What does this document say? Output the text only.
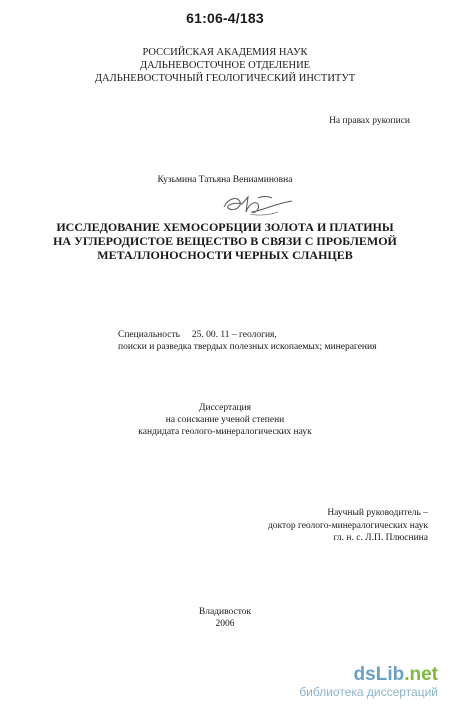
61:06-4/183
РОССИЙСКАЯ АКАДЕМИЯ НАУК
ДАЛЬНЕВОСТОЧНОЕ ОТДЕЛЕНИЕ
ДАЛЬНЕВОСТОЧНЫЙ ГЕОЛОГИЧЕСКИЙ ИНСТИТУТ
На правах рукописи
Кузьмина Татьяна Вениаминовна
ИССЛЕДОВАНИЕ ХЕМОСОРБЦИИ ЗОЛОТА И ПЛАТИНЫ
НА УГЛЕРОДИСТОЕ ВЕЩЕСТВО В СВЯЗИ С ПРОБЛЕМОЙ
МЕТАЛЛОНОСНОСТИ ЧЕРНЫХ СЛАНЦЕВ
Специальность     25. 00. 11 – геология,
поиски и разведка твердых полезных ископаемых; минерагения
Диссертация
на соискание ученой степени
кандидата геолого-минералогических наук
Научный руководитель –
доктор геолого-минералогических наук
гл. н. с. Л.П. Плюснина
Владивосток
2006
dsLib.net
библиотека диссертаций
